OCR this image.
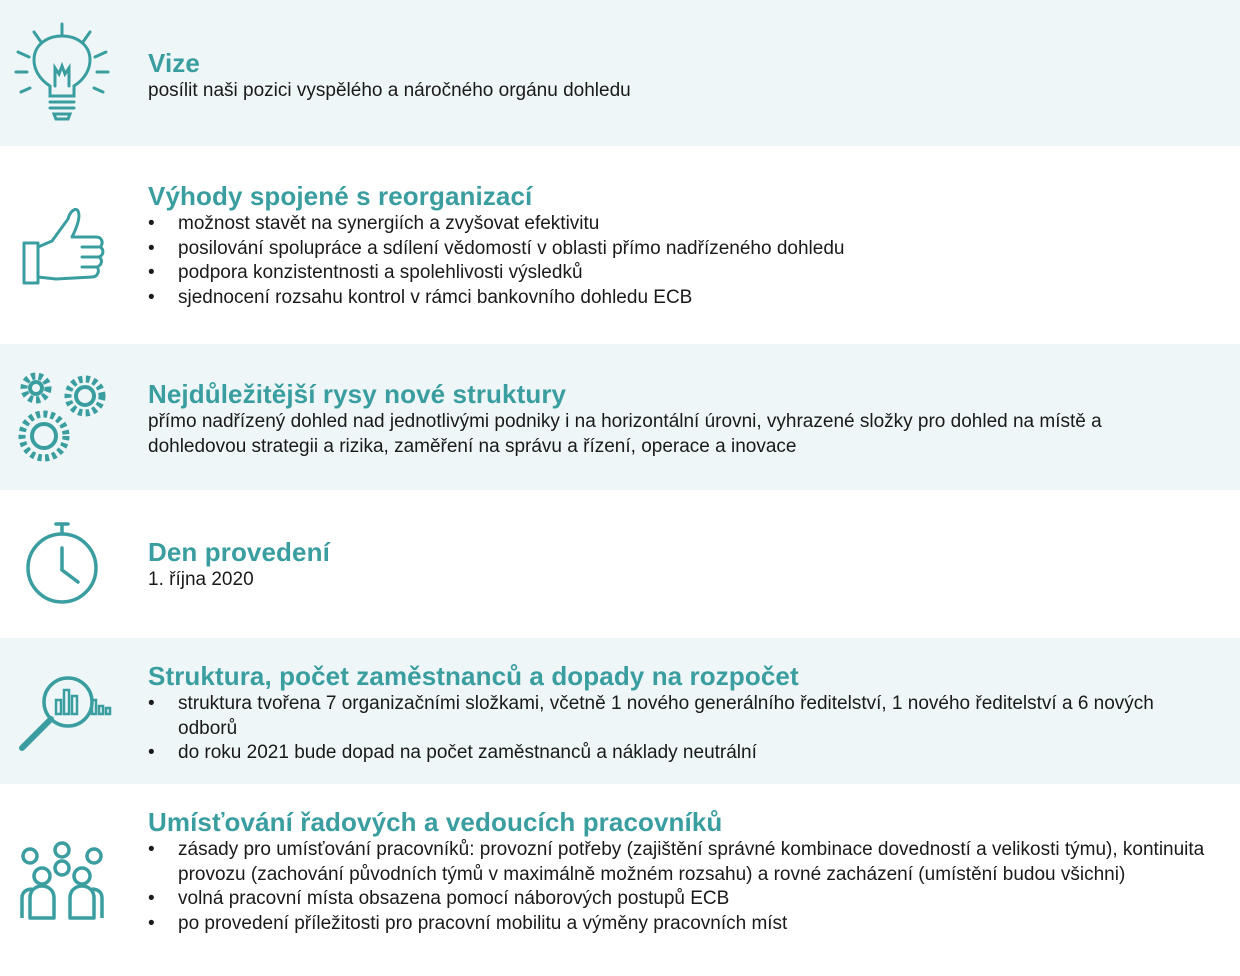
Vize
posílit naši pozici vyspělého a náročného orgánu dohledu
Výhody spojené s reorganizací
• možnost stavět na synergiích a zvyšovat efektivitu
• posilování spolupráce a sdílení vědomostí v oblasti přímo nadřízeného dohledu
• podpora konzistentnosti a spolehlivosti výsledků
• sjednocení rozsahu kontrol v rámci bankovního dohledu ECB
Nejdůležitější rysy nové struktury
přímo nadřízený dohled nad jednotlivými podniky i na horizontální úrovni, vyhrazené složky pro dohled na místě a dohledovou strategii a rizika, zaměření na správu a řízení, operace a inovace
Den provedení
1. října 2020
Struktura, počet zaměstnanců a dopady na rozpočet
• struktura tvořena 7 organizačními složkami, včetně 1 nového generálního ředitelství, 1 nového ředitelství a 6 nových odborů
• do roku 2021 bude dopad na počet zaměstnanců a náklady neutrální
Umísťování řadových a vedoucích pracovníků
• zásady pro umísťování pracovníků: provozní potřeby (zajištění správné kombinace dovedností a velikosti týmu), kontinuita provozu (zachování původních týmů v maximálně možném rozsahu) a rovné zacházení (umístění budou všichni)
• volná pracovní místa obsazena pomocí náborových postupů ECB
• po provedení příležitosti pro pracovní mobilitu a výměny pracovních míst
